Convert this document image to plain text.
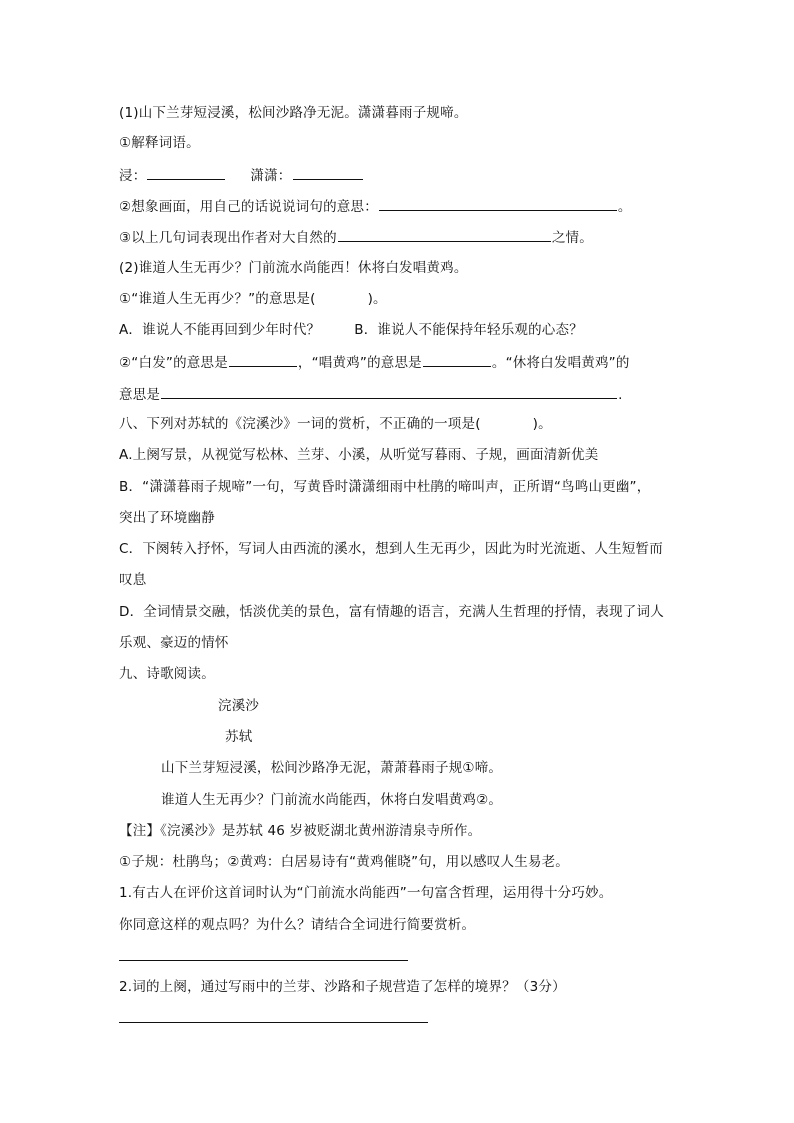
(1)山下兰芽短浸溪，松间沙路净无泥。潇潇暮雨子规啼。
①解释词语。
浸：	潇潇：
②想象画面，用自己的话说说词句的意思：	。
③以上几句词表现出作者对大自然的	之情。
(2)谁道人生无再少？门前流水尚能西！休将白发唱黄鸡。
①“谁道人生无再少？”的意思是(	)。
A．谁说人不能再回到少年时代？	B．谁说人不能保持年轻乐观的心态？
②“白发”的意思是	，“唱黄鸡”的意思是	。“休将白发唱黄鸡”的
意思是	.
八、下列对苏轼的《浣溪沙》一词的赏析，不正确的一项是(	)。
A.上阕写景，从视觉写松林、兰芽、小溪，从听觉写暮雨、子规，画面清新优美
B．“潇潇暮雨子规啼”一句，写黄昏时潇潇细雨中杜鹃的啼叫声，正所谓“鸟鸣山更幽”，
突出了环境幽静
C．下阕转入抒怀，写词人由西流的溪水，想到人生无再少，因此为时光流逝、人生短暂而
叹息
D．全词情景交融，恬淡优美的景色，富有情趣的语言，充满人生哲理的抒情，表现了词人
乐观、豪迈的情怀
九、诗歌阅读。
浣溪沙
苏轼
山下兰芽短浸溪，松间沙路净无泥，萧萧暮雨子规①啼。
谁道人生无再少？门前流水尚能西，休将白发唱黄鸡②。
【注】《浣溪沙》是苏轼 46 岁被贬湖北黄州游清泉寺所作。
①子规：杜鹃鸟；②黄鸡：白居易诗有“黄鸡催晓”句，用以感叹人生易老。
1.有古人在评价这首词时认为“门前流水尚能西”一句富含哲理，运用得十分巧妙。
你同意这样的观点吗？为什么？请结合全词进行简要赏析。
2.词的上阕，通过写雨中的兰芽、沙路和子规营造了怎样的境界？（3分）
